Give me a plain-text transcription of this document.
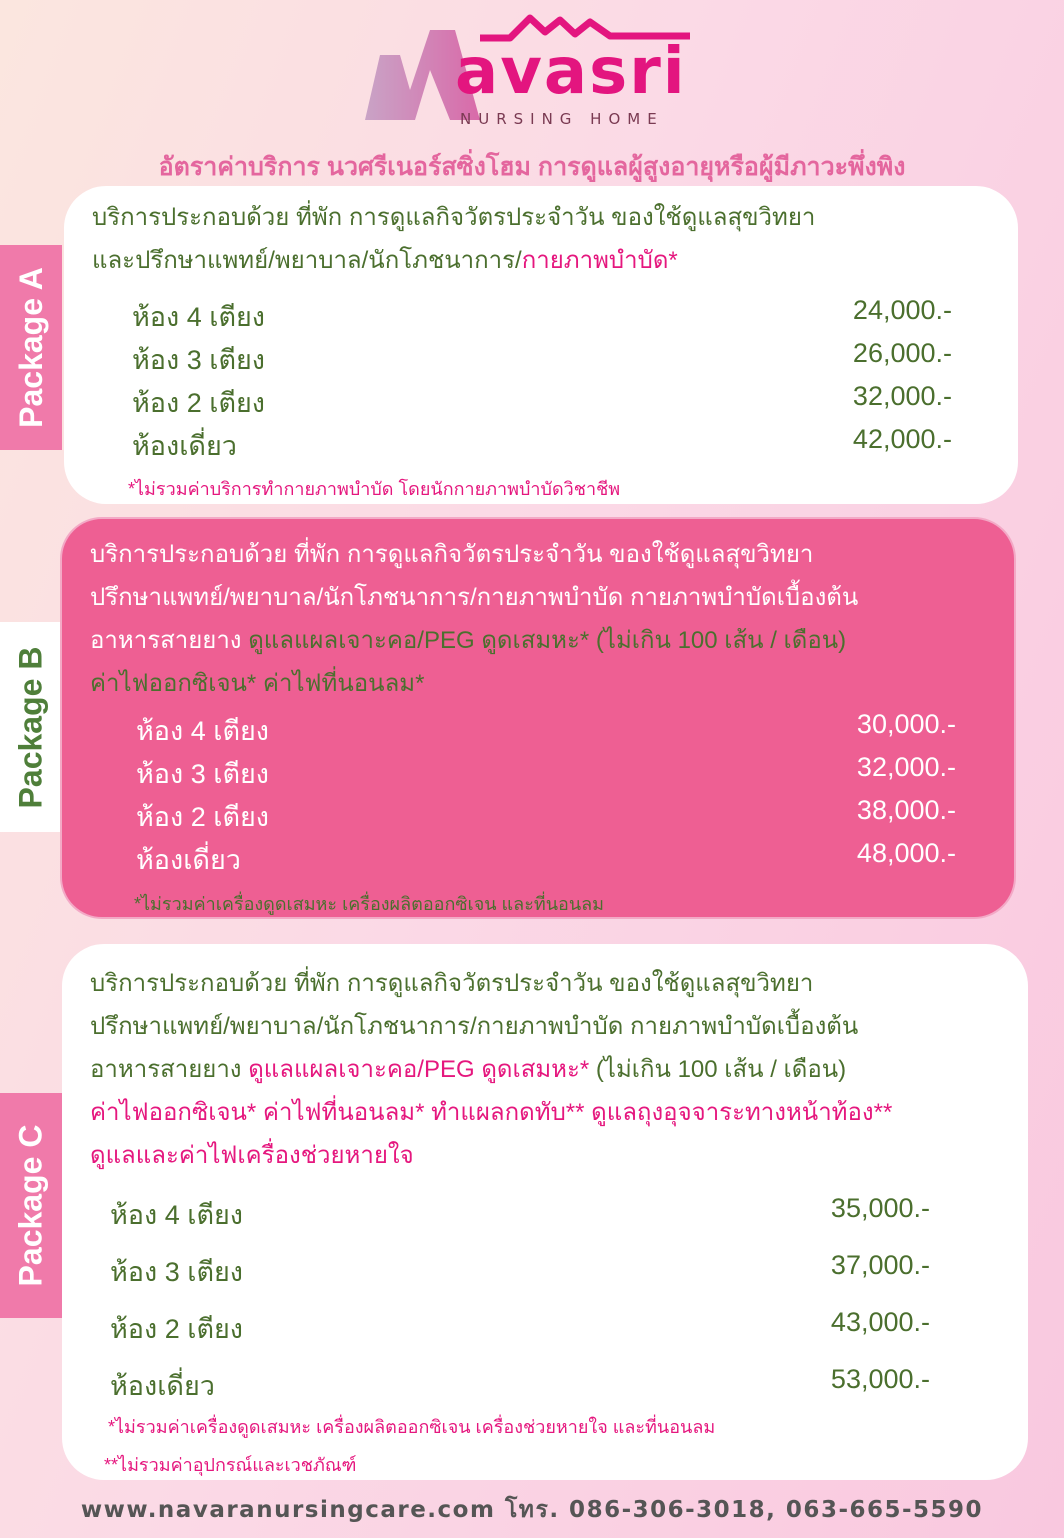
avasri
NURSING HOME
อัตราค่าบริการ นวศรีเนอร์สซิ่งโฮม การดูแลผู้สูงอายุหรือผู้มีภาวะพึ่งพิง
Package A
Package B
Package C
บริการประกอบด้วย ที่พัก การดูแลกิจวัตรประจำวัน ของใช้ดูแลสุขวิทยา
และปรึกษาแพทย์/พยาบาล/นักโภชนาการ/กายภาพบำบัด*
ห้อง 4 เตียง	24,000.-
ห้อง 3 เตียง	26,000.-
ห้อง 2 เตียง	32,000.-
ห้องเดี่ยว	42,000.-
*ไม่รวมค่าบริการทำกายภาพบำบัด โดยนักกายภาพบำบัดวิชาชีพ
บริการประกอบด้วย ที่พัก การดูแลกิจวัตรประจำวัน ของใช้ดูแลสุขวิทยา
ปรึกษาแพทย์/พยาบาล/นักโภชนาการ/กายภาพบำบัด กายภาพบำบัดเบื้องต้น
อาหารสายยาง ดูแลแผลเจาะคอ/PEG ดูดเสมหะ* (ไม่เกิน 100 เส้น / เดือน)
ค่าไฟออกซิเจน* ค่าไฟที่นอนลม*
ห้อง 4 เตียง	30,000.-
ห้อง 3 เตียง	32,000.-
ห้อง 2 เตียง	38,000.-
ห้องเดี่ยว	48,000.-
*ไม่รวมค่าเครื่องดูดเสมหะ เครื่องผลิตออกซิเจน และที่นอนลม
บริการประกอบด้วย ที่พัก การดูแลกิจวัตรประจำวัน ของใช้ดูแลสุขวิทยา
ปรึกษาแพทย์/พยาบาล/นักโภชนาการ/กายภาพบำบัด กายภาพบำบัดเบื้องต้น
อาหารสายยาง ดูแลแผลเจาะคอ/PEG ดูดเสมหะ* (ไม่เกิน 100 เส้น / เดือน)
ค่าไฟออกซิเจน* ค่าไฟที่นอนลม* ทำแผลกดทับ** ดูแลถุงอุจจาระทางหน้าท้อง**
ดูแลและค่าไฟเครื่องช่วยหายใจ
ห้อง 4 เตียง	35,000.-
ห้อง 3 เตียง	37,000.-
ห้อง 2 เตียง	43,000.-
ห้องเดี่ยว	53,000.-
*ไม่รวมค่าเครื่องดูดเสมหะ เครื่องผลิตออกซิเจน เครื่องช่วยหายใจ และที่นอนลม
**ไม่รวมค่าอุปกรณ์และเวชภัณฑ์
www.navaranursingcare.com โทร. 086-306-3018, 063-665-5590
